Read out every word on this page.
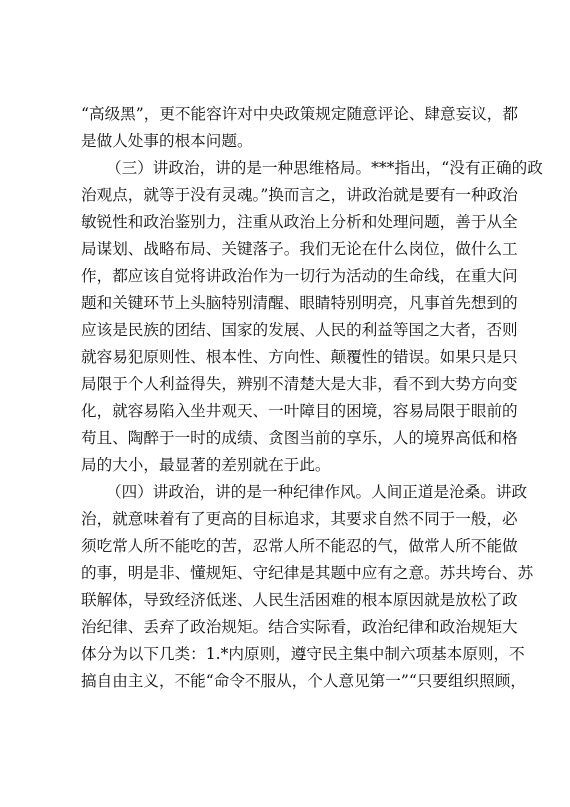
“高级黑”，更不能容许对中央政策规定随意评论、肆意妄议，都
是做人处事的根本问题。
（三）讲政治，讲的是一种思维格局。***指出，“没有正确的政
治观点，就等于没有灵魂。”换而言之，讲政治就是要有一种政治
敏锐性和政治鉴别力，注重从政治上分析和处理问题，善于从全
局谋划、战略布局、关键落子。我们无论在什么岗位，做什么工
作，都应该自觉将讲政治作为一切行为活动的生命线，在重大问
题和关键环节上头脑特别清醒、眼睛特别明亮，凡事首先想到的
应该是民族的团结、国家的发展、人民的利益等国之大者，否则
就容易犯原则性、根本性、方向性、颠覆性的错误。如果只是只
局限于个人利益得失，辨别不清楚大是大非，看不到大势方向变
化，就容易陷入坐井观天、一叶障目的困境，容易局限于眼前的
苟且、陶醉于一时的成绩、贪图当前的享乐，人的境界高低和格
局的大小，最显著的差别就在于此。
（四）讲政治，讲的是一种纪律作风。人间正道是沧桑。讲政
治，就意味着有了更高的目标追求，其要求自然不同于一般，必
须吃常人所不能吃的苦，忍常人所不能忍的气，做常人所不能做
的事，明是非、懂规矩、守纪律是其题中应有之意。苏共垮台、苏
联解体，导致经济低迷、人民生活困难的根本原因就是放松了政
治纪律、丢弃了政治规矩。结合实际看，政治纪律和政治规矩大
体分为以下几类：1.*内原则，遵守民主集中制六项基本原则，不
搞自由主义，不能“命令不服从，个人意见第一”“只要组织照顾，
